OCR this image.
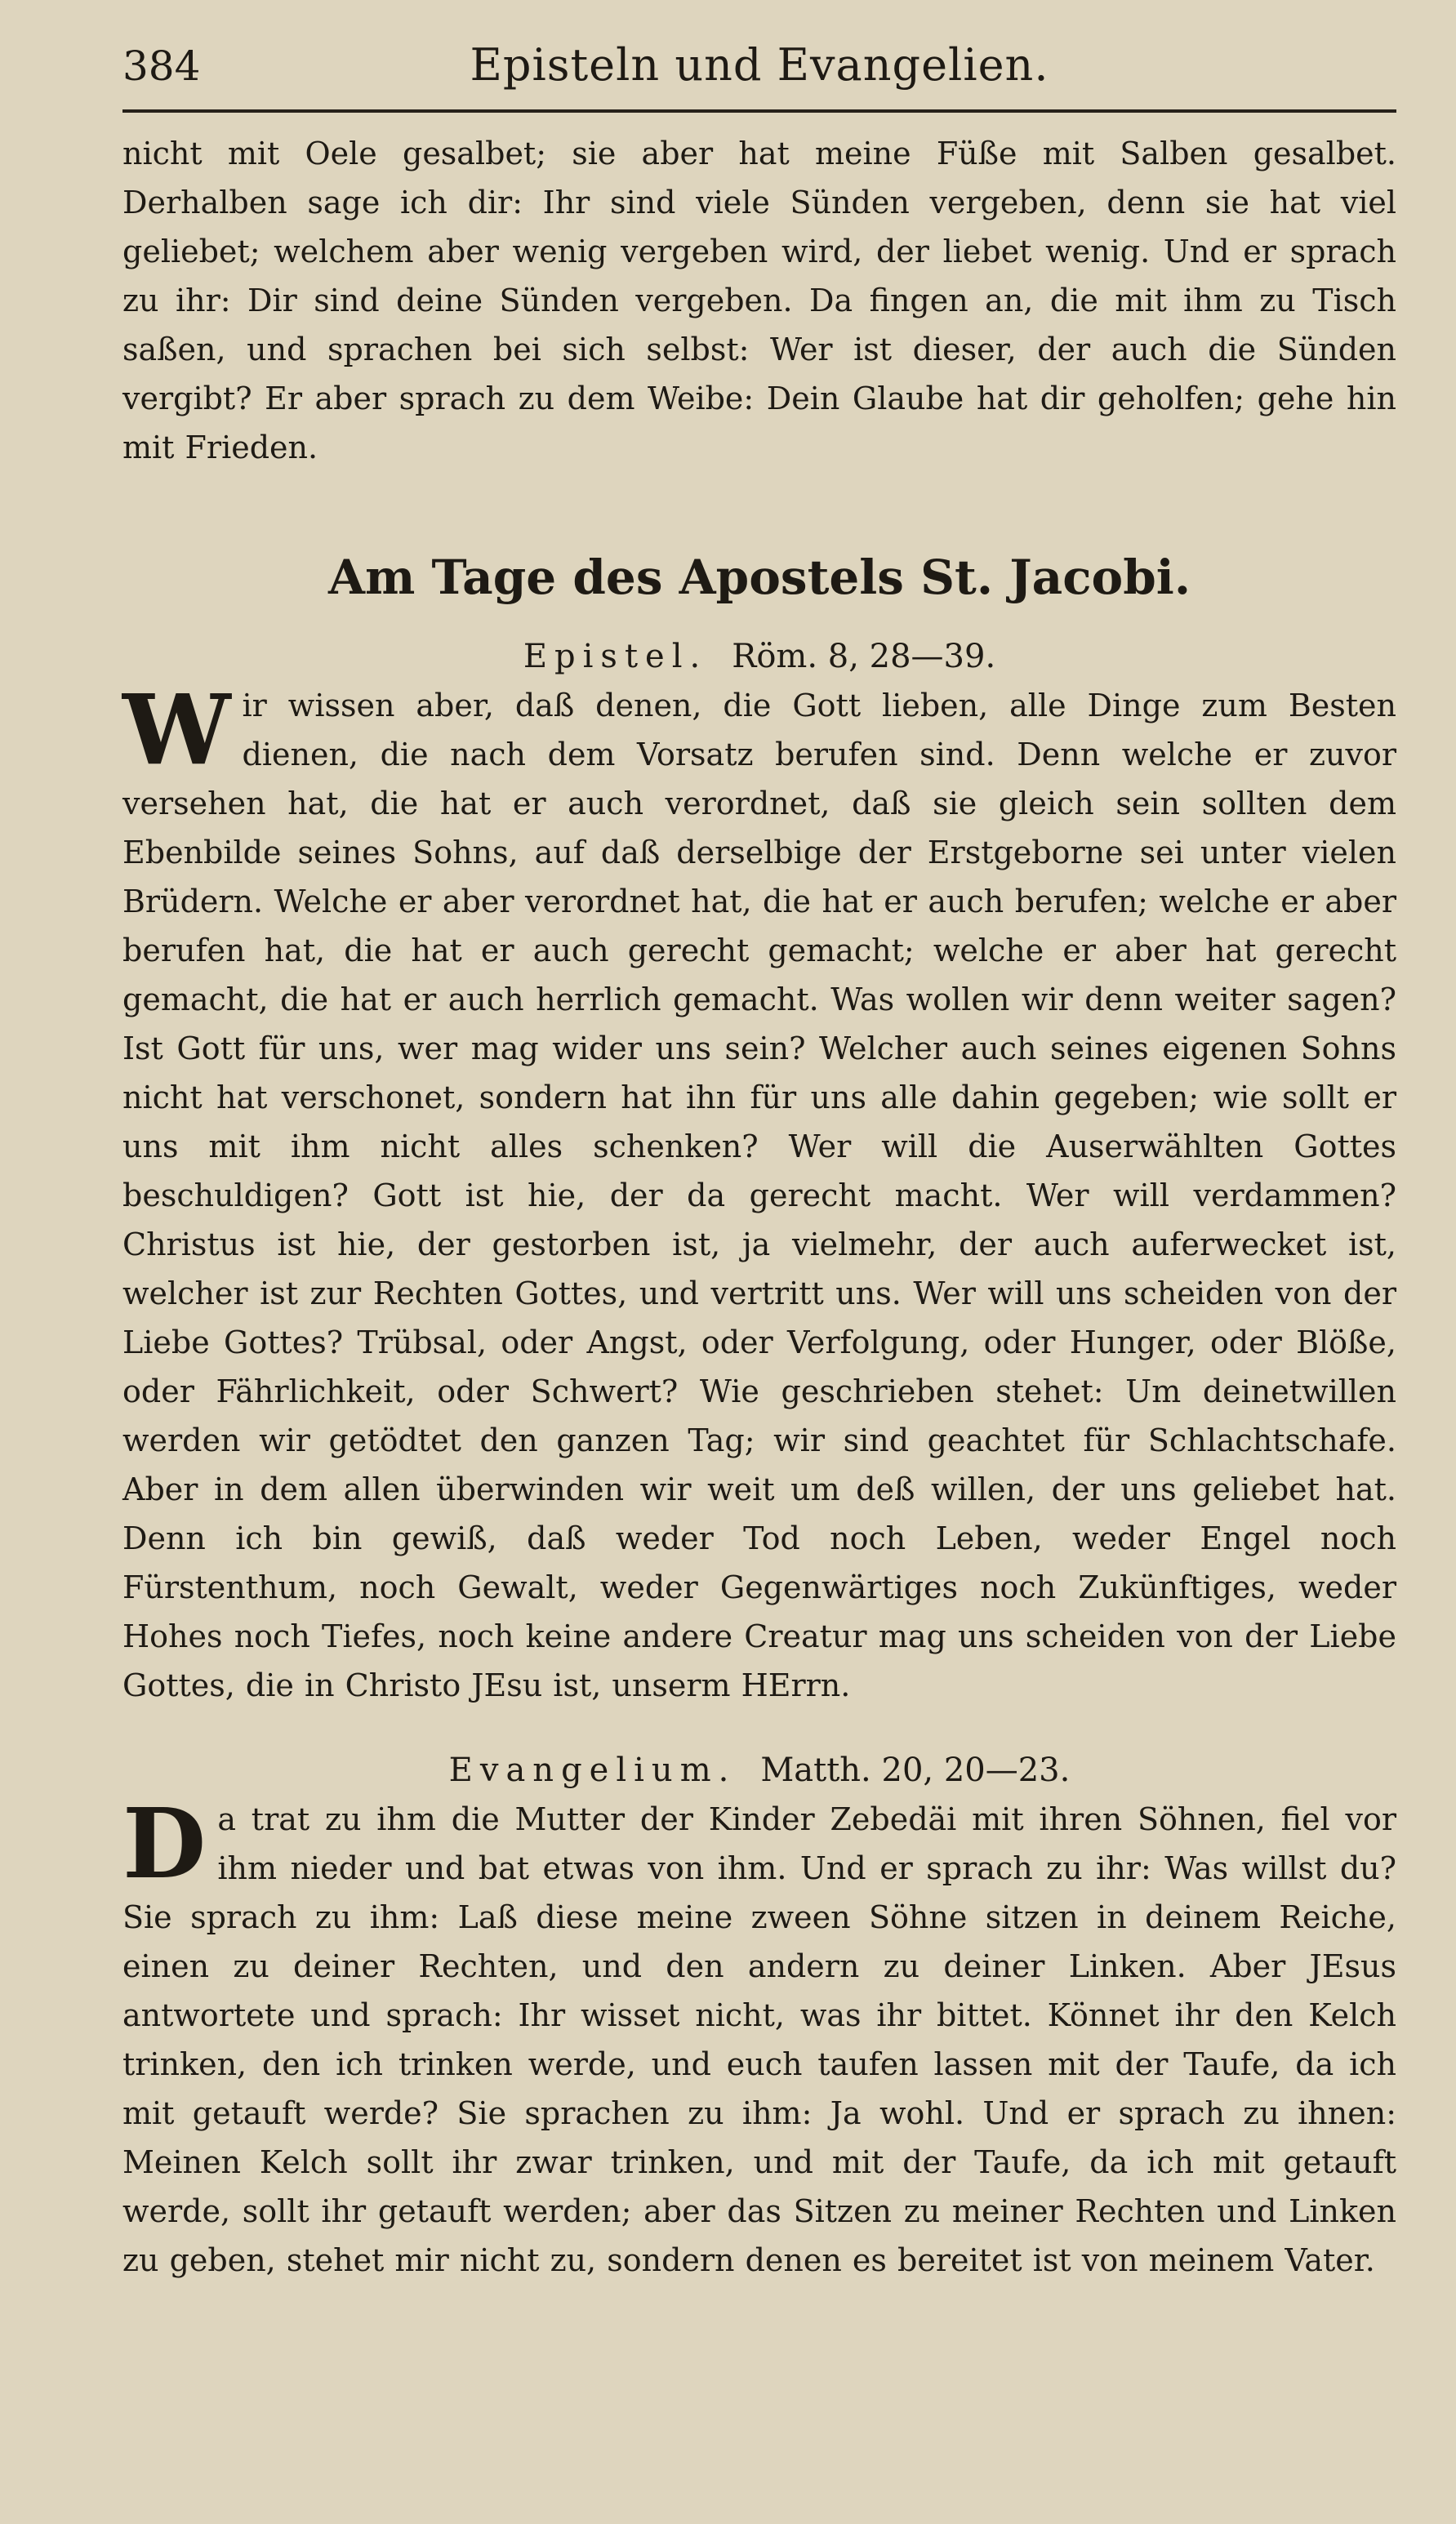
384	Episteln und Evangelien.

nicht mit Oele gesalbet; sie aber hat meine Füße mit Salben gesalbet. Derhalben sage ich dir: Ihr sind viele Sünden vergeben, denn sie hat viel geliebet; welchem aber wenig vergeben wird, der liebet wenig. Und er sprach zu ihr: Dir sind deine Sünden vergeben. Da fingen an, die mit ihm zu Tisch saßen, und sprachen bei sich selbst: Wer ist dieser, der auch die Sünden vergibt? Er aber sprach zu dem Weibe: Dein Glaube hat dir geholfen; gehe hin mit Frieden.

Am Tage des Apostels St. Jacobi.
Epistel. Röm. 8, 28—39.

Wir wissen aber, daß denen, die Gott lieben, alle Dinge zum Besten dienen, die nach dem Vorsatz berufen sind. Denn welche er zuvor versehen hat, die hat er auch verordnet, daß sie gleich sein sollten dem Ebenbilde seines Sohns, auf daß derselbige der Erstgeborne sei unter vielen Brüdern. Welche er aber verordnet hat, die hat er auch berufen; welche er aber berufen hat, die hat er auch gerecht gemacht; welche er aber hat gerecht gemacht, die hat er auch herrlich gemacht. Was wollen wir denn weiter sagen? Ist Gott für uns, wer mag wider uns sein? Welcher auch seines eigenen Sohns nicht hat verschonet, sondern hat ihn für uns alle dahin gegeben; wie sollt er uns mit ihm nicht alles schenken? Wer will die Auserwählten Gottes beschuldigen? Gott ist hie, der da gerecht macht. Wer will verdammen? Christus ist hie, der gestorben ist, ja vielmehr, der auch auferwecket ist, welcher ist zur Rechten Gottes, und vertritt uns. Wer will uns scheiden von der Liebe Gottes? Trübsal, oder Angst, oder Verfolgung, oder Hunger, oder Blöße, oder Fährlichkeit, oder Schwert? Wie geschrieben stehet: Um deinetwillen werden wir getödtet den ganzen Tag; wir sind geachtet für Schlachtschafe. Aber in dem allen überwinden wir weit um deß willen, der uns geliebet hat. Denn ich bin gewiß, daß weder Tod noch Leben, weder Engel noch Fürstenthum, noch Gewalt, weder Gegenwärtiges noch Zukünftiges, weder Hohes noch Tiefes, noch keine andere Creatur mag uns scheiden von der Liebe Gottes, die in Christo JEsu ist, unserm HErrn.

Evangelium. Matth. 20, 20—23.

Da trat zu ihm die Mutter der Kinder Zebedäi mit ihren Söhnen, fiel vor ihm nieder und bat etwas von ihm. Und er sprach zu ihr: Was willst du? Sie sprach zu ihm: Laß diese meine zween Söhne sitzen in deinem Reiche, einen zu deiner Rechten, und den andern zu deiner Linken. Aber JEsus antwortete und sprach: Ihr wisset nicht, was ihr bittet. Könnet ihr den Kelch trinken, den ich trinken werde, und euch taufen lassen mit der Taufe, da ich mit getauft werde? Sie sprachen zu ihm: Ja wohl. Und er sprach zu ihnen: Meinen Kelch sollt ihr zwar trinken, und mit der Taufe, da ich mit getauft werde, sollt ihr getauft werden; aber das Sitzen zu meiner Rechten und Linken zu geben, stehet mir nicht zu, sondern denen es bereitet ist von meinem Vater.
